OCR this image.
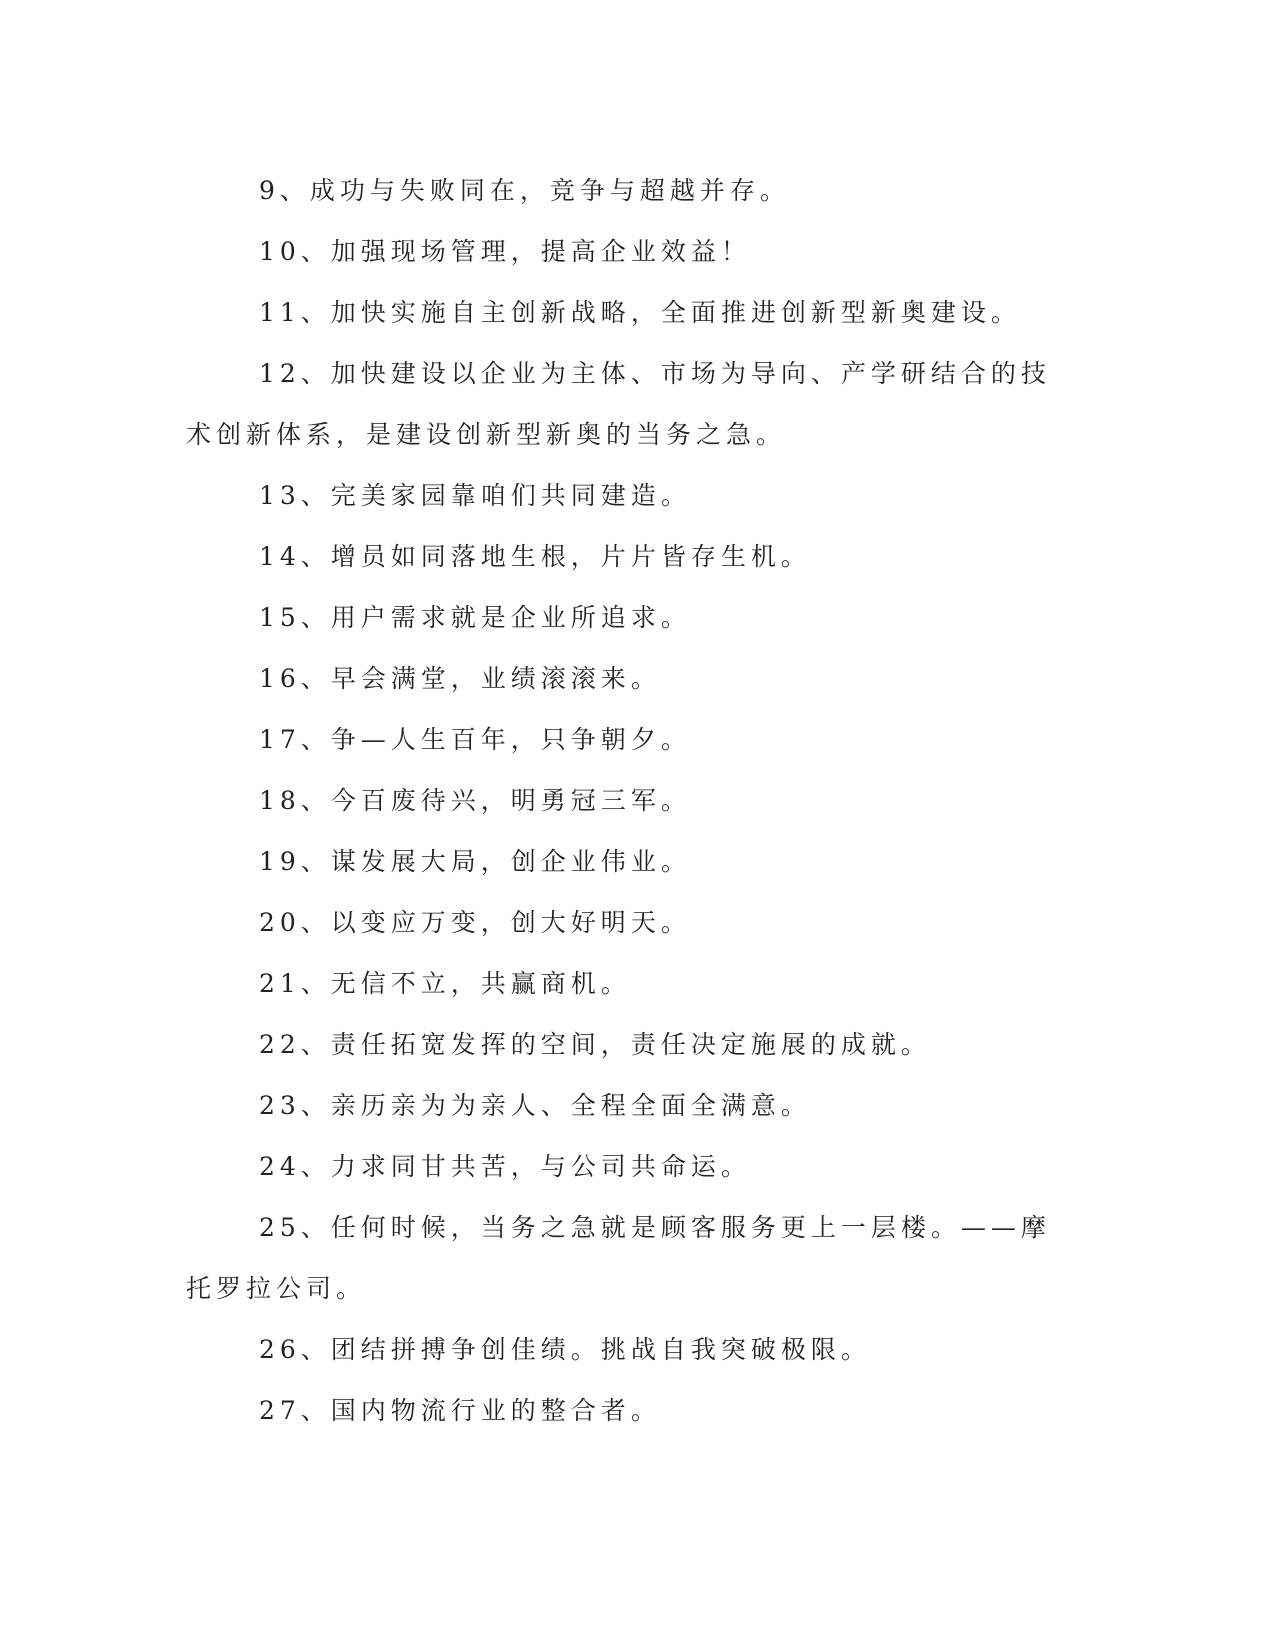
9、成功与失败同在，竞争与超越并存。

10、加强现场管理，提高企业效益！

11、加快实施自主创新战略，全面推进创新型新奥建设。

12、加快建设以企业为主体、市场为导向、产学研结合的技术创新体系，是建设创新型新奥的当务之急。

13、完美家园靠咱们共同建造。

14、增员如同落地生根，片片皆存生机。

15、用户需求就是企业所追求。

16、早会满堂，业绩滚滚来。

17、争—人生百年，只争朝夕。

18、今百废待兴，明勇冠三军。

19、谋发展大局，创企业伟业。

20、以变应万变，创大好明天。

21、无信不立，共赢商机。

22、责任拓宽发挥的空间，责任决定施展的成就。

23、亲历亲为为亲人、全程全面全满意。

24、力求同甘共苦，与公司共命运。

25、任何时候，当务之急就是顾客服务更上一层楼。——摩托罗拉公司。

26、团结拼搏争创佳绩。挑战自我突破极限。

27、国内物流行业的整合者。
